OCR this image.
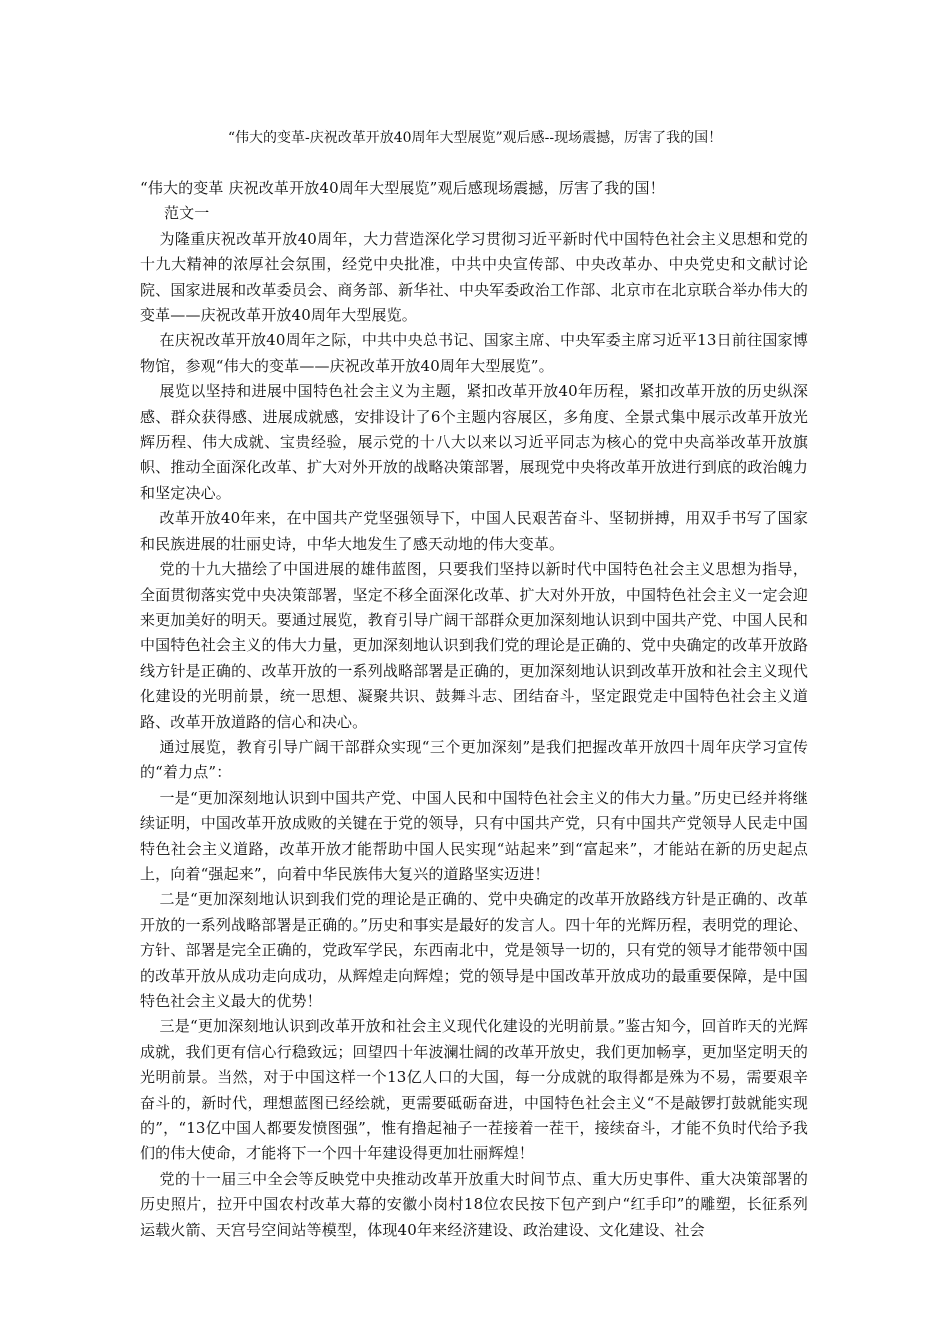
“伟大的变革-庆祝改革开放40周年大型展览”观后感--现场震撼，厉害了我的国！

“伟大的变革 庆祝改革开放40周年大型展览”观后感现场震撼，厉害了我的国！

范文一

为隆重庆祝改革开放40周年，大力营造深化学习贯彻习近平新时代中国特色社会主义思想和党的十九大精神的浓厚社会氛围，经党中央批准，中共中央宣传部、中央改革办、中央党史和文献讨论院、国家进展和改革委员会、商务部、新华社、中央军委政治工作部、北京市在北京联合举办伟大的变革——庆祝改革开放40周年大型展览。

在庆祝改革开放40周年之际，中共中央总书记、国家主席、中央军委主席习近平13日前往国家博物馆，参观“伟大的变革——庆祝改革开放40周年大型展览”。

展览以坚持和进展中国特色社会主义为主题，紧扣改革开放40年历程，紧扣改革开放的历史纵深感、群众获得感、进展成就感，安排设计了6个主题内容展区，多角度、全景式集中展示改革开放光辉历程、伟大成就、宝贵经验，展示党的十八大以来以习近平同志为核心的党中央高举改革开放旗帜、推动全面深化改革、扩大对外开放的战略决策部署，展现党中央将改革开放进行到底的政治魄力和坚定决心。

改革开放40年来，在中国共产党坚强领导下，中国人民艰苦奋斗、坚韧拼搏，用双手书写了国家和民族进展的壮丽史诗，中华大地发生了感天动地的伟大变革。

党的十九大描绘了中国进展的雄伟蓝图，只要我们坚持以新时代中国特色社会主义思想为指导，全面贯彻落实党中央决策部署，坚定不移全面深化改革、扩大对外开放，中国特色社会主义一定会迎来更加美好的明天。要通过展览，教育引导广阔干部群众更加深刻地认识到中国共产党、中国人民和中国特色社会主义的伟大力量，更加深刻地认识到我们党的理论是正确的、党中央确定的改革开放路线方针是正确的、改革开放的一系列战略部署是正确的，更加深刻地认识到改革开放和社会主义现代化建设的光明前景，统一思想、凝聚共识、鼓舞斗志、团结奋斗，坚定跟党走中国特色社会主义道路、改革开放道路的信心和决心。

通过展览，教育引导广阔干部群众实现“三个更加深刻”是我们把握改革开放四十周年庆学习宣传的“着力点”：

一是“更加深刻地认识到中国共产党、中国人民和中国特色社会主义的伟大力量。”历史已经并将继续证明，中国改革开放成败的关键在于党的领导，只有中国共产党，只有中国共产党领导人民走中国特色社会主义道路，改革开放才能帮助中国人民实现“站起来”到“富起来”，才能站在新的历史起点上，向着“强起来”，向着中华民族伟大复兴的道路坚实迈进！

二是“更加深刻地认识到我们党的理论是正确的、党中央确定的改革开放路线方针是正确的、改革开放的一系列战略部署是正确的。”历史和事实是最好的发言人。四十年的光辉历程，表明党的理论、方针、部署是完全正确的，党政军学民，东西南北中，党是领导一切的，只有党的领导才能带领中国的改革开放从成功走向成功，从辉煌走向辉煌；党的领导是中国改革开放成功的最重要保障，是中国特色社会主义最大的优势！

三是“更加深刻地认识到改革开放和社会主义现代化建设的光明前景。”鉴古知今，回首昨天的光辉成就，我们更有信心行稳致远；回望四十年波澜壮阔的改革开放史，我们更加畅享，更加坚定明天的光明前景。当然，对于中国这样一个13亿人口的大国，每一分成就的取得都是殊为不易，需要艰辛奋斗的，新时代，理想蓝图已经绘就，更需要砥砺奋进，中国特色社会主义“不是敲锣打鼓就能实现的”，“13亿中国人都要发愤图强”，惟有撸起袖子一茬接着一茬干，接续奋斗，才能不负时代给予我们的伟大使命，才能将下一个四十年建设得更加壮丽辉煌！

党的十一届三中全会等反映党中央推动改革开放重大时间节点、重大历史事件、重大决策部署的历史照片，拉开中国农村改革大幕的安徽小岗村18位农民按下包产到户“红手印”的雕塑，长征系列运载火箭、天宫号空间站等模型，体现40年来经济建设、政治建设、文化建设、社会
